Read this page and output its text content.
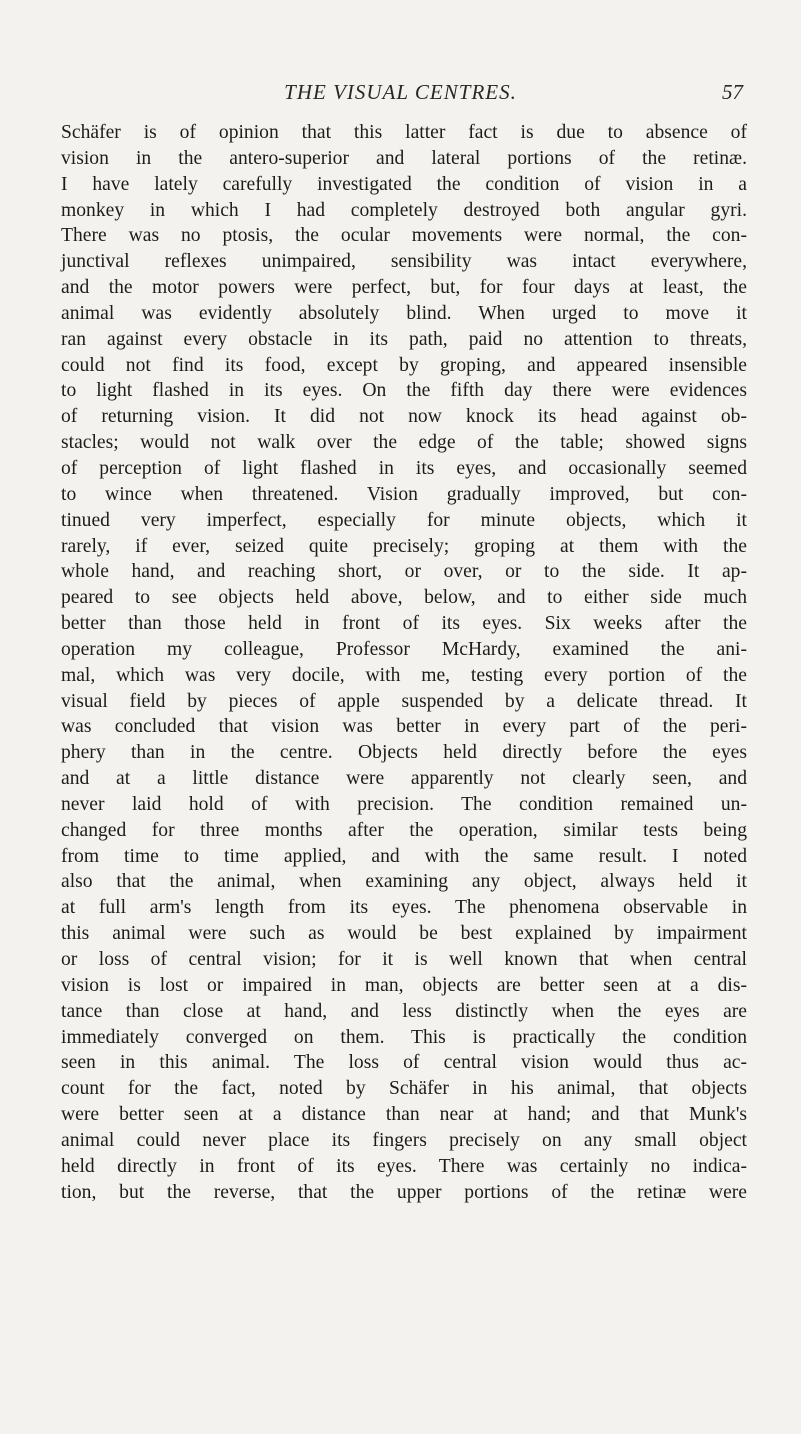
THE VISUAL CENTRES.	57
Schäfer is of opinion that this latter fact is due to absence of
vision in the antero-superior and lateral portions of the retinæ.
I have lately carefully investigated the condition of vision in a
monkey in which I had completely destroyed both angular gyri.
There was no ptosis, the ocular movements were normal, the con-
junctival reflexes unimpaired, sensibility was intact everywhere,
and the motor powers were perfect, but, for four days at least, the
animal was evidently absolutely blind. When urged to move it
ran against every obstacle in its path, paid no attention to threats,
could not find its food, except by groping, and appeared insensible
to light flashed in its eyes. On the fifth day there were evidences
of returning vision. It did not now knock its head against ob-
stacles; would not walk over the edge of the table; showed signs
of perception of light flashed in its eyes, and occasionally seemed
to wince when threatened. Vision gradually improved, but con-
tinued very imperfect, especially for minute objects, which it
rarely, if ever, seized quite precisely; groping at them with the
whole hand, and reaching short, or over, or to the side. It ap-
peared to see objects held above, below, and to either side much
better than those held in front of its eyes. Six weeks after the
operation my colleague, Professor McHardy, examined the ani-
mal, which was very docile, with me, testing every portion of the
visual field by pieces of apple suspended by a delicate thread. It
was concluded that vision was better in every part of the peri-
phery than in the centre. Objects held directly before the eyes
and at a little distance were apparently not clearly seen, and
never laid hold of with precision. The condition remained un-
changed for three months after the operation, similar tests being
from time to time applied, and with the same result. I noted
also that the animal, when examining any object, always held it
at full arm's length from its eyes. The phenomena observable in
this animal were such as would be best explained by impairment
or loss of central vision; for it is well known that when central
vision is lost or impaired in man, objects are better seen at a dis-
tance than close at hand, and less distinctly when the eyes are
immediately converged on them. This is practically the condition
seen in this animal. The loss of central vision would thus ac-
count for the fact, noted by Schäfer in his animal, that objects
were better seen at a distance than near at hand; and that Munk's
animal could never place its fingers precisely on any small object
held directly in front of its eyes. There was certainly no indica-
tion, but the reverse, that the upper portions of the retinæ were
